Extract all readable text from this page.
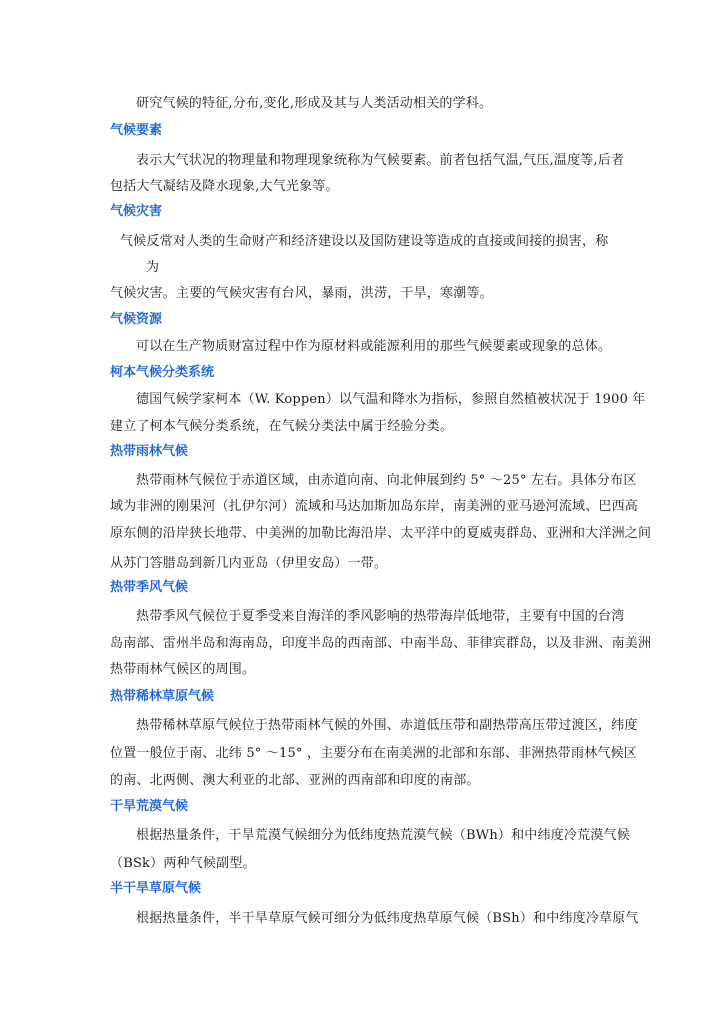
研究气候的特征,分布,变化,形成及其与人类活动相关的学科。
气候要素
表示大气状况的物理量和物理现象统称为气候要素。前者包括气温,气压,温度等,后者
包括大气凝结及降水现象,大气光象等。
气候灾害
气候反常对人类的生命财产和经济建设以及国防建设等造成的直接或间接的损害，称
为
气候灾害。主要的气候灾害有台风，暴雨，洪涝，干旱，寒潮等。
气候资源
可以在生产物质财富过程中作为原材料或能源利用的那些气候要素或现象的总体。
柯本气候分类系统
德国气候学家柯本（W. Koppen）以气温和降水为指标，参照自然植被状况于 1900 年
建立了柯本气候分类系统，在气候分类法中属于经验分类。
热带雨林气候
热带雨林气候位于赤道区域，由赤道向南、向北伸展到约 5° ～25° 左右。具体分布区
域为非洲的刚果河（扎伊尔河）流域和马达加斯加岛东岸，南美洲的亚马逊河流域、巴西高
原东侧的沿岸狭长地带、中美洲的加勒比海沿岸、太平洋中的夏威夷群岛、亚洲和大洋洲之间
从苏门答腊岛到新几内亚岛（伊里安岛）一带。
热带季风气候
热带季风气候位于夏季受来自海洋的季风影响的热带海岸低地带，主要有中国的台湾
岛南部、雷州半岛和海南岛，印度半岛的西南部、中南半岛、菲律宾群岛，以及非洲、南美洲
热带雨林气候区的周围。
热带稀林草原气候
热带稀林草原气候位于热带雨林气候的外围、赤道低压带和副热带高压带过渡区，纬度
位置一般位于南、北纬 5° ～15° ，主要分布在南美洲的北部和东部、非洲热带雨林气候区
的南、北两侧、澳大利亚的北部、亚洲的西南部和印度的南部。
干旱荒漠气候
根据热量条件，干旱荒漠气候细分为低纬度热荒漠气候（BWh）和中纬度冷荒漠气候
（BSk）两种气候副型。
半干旱草原气候
根据热量条件，半干旱草原气候可细分为低纬度热草原气候（BSh）和中纬度冷草原气
